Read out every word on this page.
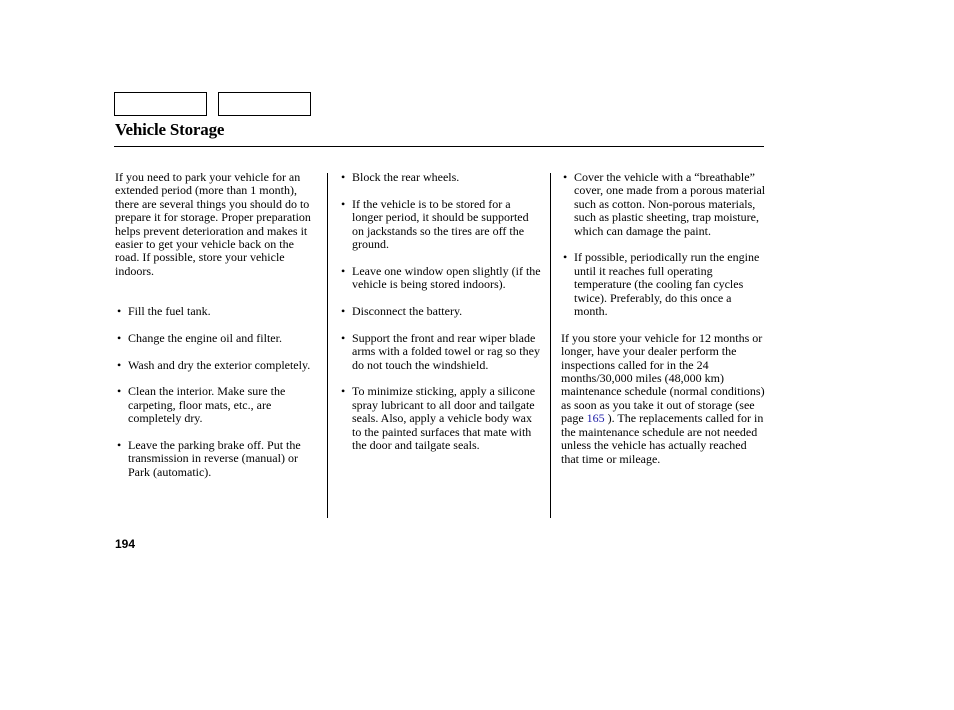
Vehicle Storage

If you need to park your vehicle for an extended period (more than 1 month), there are several things you should do to prepare it for storage. Proper preparation helps prevent deterioration and makes it easier to get your vehicle back on the road. If possible, store your vehicle indoors.

• Fill the fuel tank.

• Change the engine oil and filter.

• Wash and dry the exterior completely.

• Clean the interior. Make sure the carpeting, floor mats, etc., are completely dry.

• Leave the parking brake off. Put the transmission in reverse (manual) or Park (automatic).

• Block the rear wheels.

• If the vehicle is to be stored for a longer period, it should be supported on jackstands so the tires are off the ground.

• Leave one window open slightly (if the vehicle is being stored indoors).

• Disconnect the battery.

• Support the front and rear wiper blade arms with a folded towel or rag so they do not touch the windshield.

• To minimize sticking, apply a silicone spray lubricant to all door and tailgate seals. Also, apply a vehicle body wax to the painted surfaces that mate with the door and tailgate seals.

• Cover the vehicle with a “breathable” cover, one made from a porous material such as cotton. Non-porous materials, such as plastic sheeting, trap moisture, which can damage the paint.

• If possible, periodically run the engine until it reaches full operating temperature (the cooling fan cycles twice). Preferably, do this once a month.

If you store your vehicle for 12 months or longer, have your dealer perform the inspections called for in the 24 months/30,000 miles (48,000 km) maintenance schedule (normal conditions) as soon as you take it out of storage (see page 165 ). The replacements called for in the maintenance schedule are not needed unless the vehicle has actually reached that time or mileage.

194
